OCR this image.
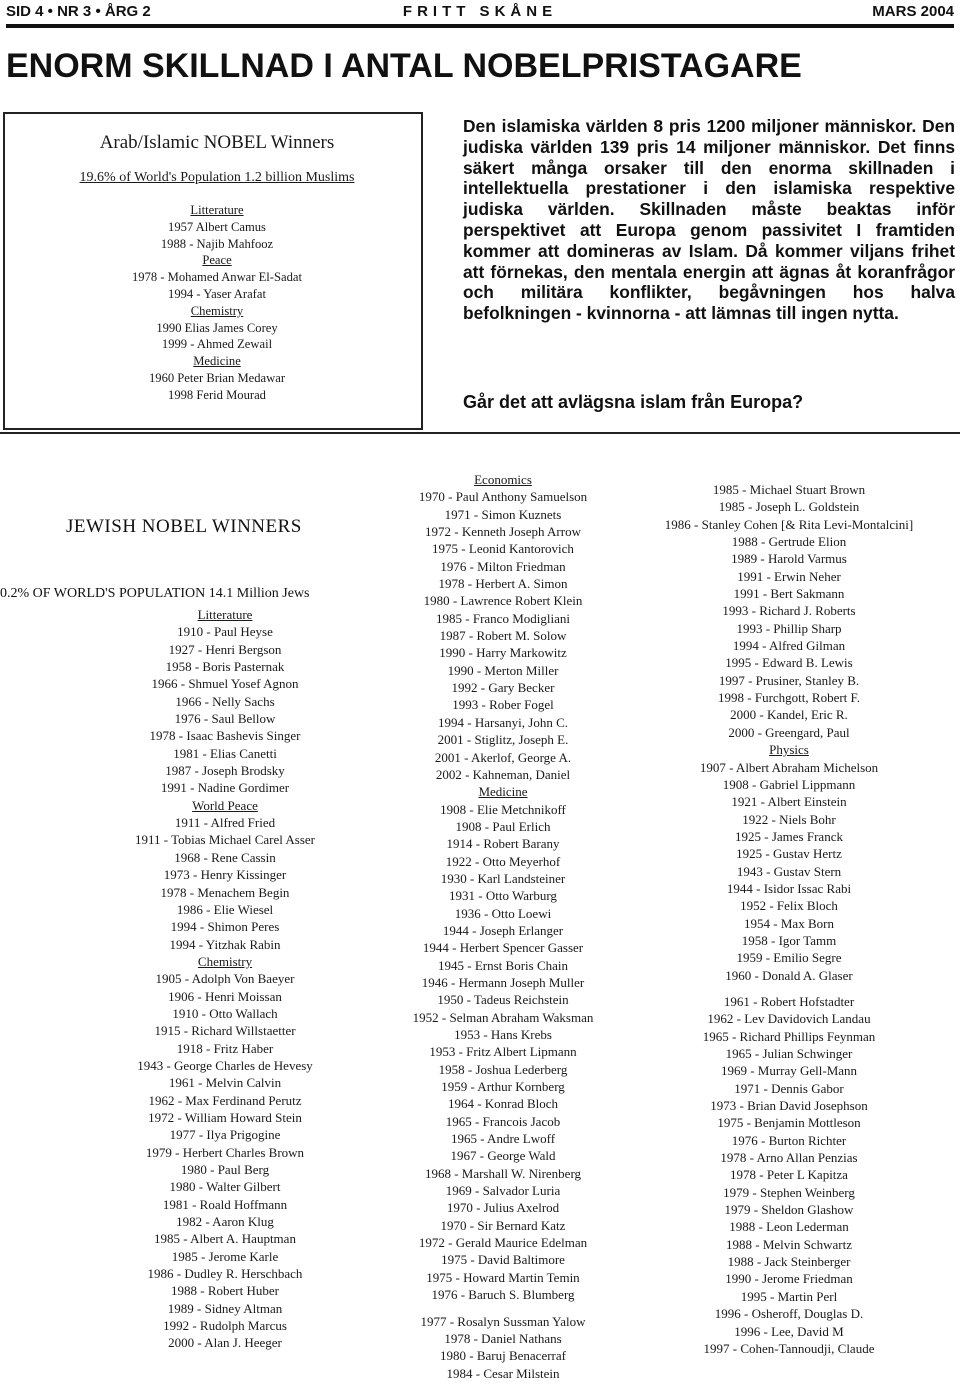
SID 4 • NR 3 • ÅRG 2	FRITT SKÅNE	MARS 2004
ENORM SKILLNAD I ANTAL NOBELPRISTAGARE
Arab/Islamic NOBEL Winners
19.6% of World's Population 1.2 billion Muslims
Litterature
1957 Albert Camus
1988 - Najib Mahfooz
Peace
1978 - Mohamed Anwar El-Sadat
1994 - Yaser Arafat
Chemistry
1990 Elias James Corey
1999 - Ahmed Zewail
Medicine
1960 Peter Brian Medawar
1998 Ferid Mourad

Den islamiska världen 8 pris 1200 miljoner människor. Den judiska världen 139 pris 14 miljoner människor. Det finns säkert många orsaker till den enorma skillnaden i intellektuella prestationer i den islamiska respektive judiska världen. Skillnaden måste beaktas inför perspektivet att Europa genom passivitet I framtiden kommer att domineras av Islam. Då kommer viljans frihet att förnekas, den mentala energin att ägnas åt koranfrågor och militära konflikter, begåvningen hos halva befolkningen - kvinnorna - att lämnas till ingen nytta.

Går det att avlägsna islam från Europa?
JEWISH NOBEL WINNERS
0.2% OF WORLD'S POPULATION 14.1 Million Jews
Litterature
1910 - Paul Heyse
1927 - Henri Bergson
1958 - Boris Pasternak
1966 - Shmuel Yosef Agnon
1966 - Nelly Sachs
1976 - Saul Bellow
1978 - Isaac Bashevis Singer
1981 - Elias Canetti
1987 - Joseph Brodsky
1991 - Nadine Gordimer
World Peace
1911 - Alfred Fried
1911 - Tobias Michael Carel Asser
1968 - Rene Cassin
1973 - Henry Kissinger
1978 - Menachem Begin
1986 - Elie Wiesel
1994 - Shimon Peres
1994 - Yitzhak Rabin
Chemistry
1905 - Adolph Von Baeyer
1906 - Henri Moissan
1910 - Otto Wallach
1915 - Richard Willstaetter
1918 - Fritz Haber
1943 - George Charles de Hevesy
1961 - Melvin Calvin
1962 - Max Ferdinand Perutz
1972 - William Howard Stein
1977 - Ilya Prigogine
1979 - Herbert Charles Brown
1980 - Paul Berg
1980 - Walter Gilbert
1981 - Roald Hoffmann
1982 - Aaron Klug
1985 - Albert A. Hauptman
1985 - Jerome Karle
1986 - Dudley R. Herschbach
1988 - Robert Huber
1989 - Sidney Altman
1992 - Rudolph Marcus
2000 - Alan J. Heeger
Economics
1970 - Paul Anthony Samuelson
1971 - Simon Kuznets
1972 - Kenneth Joseph Arrow
1975 - Leonid Kantorovich
1976 - Milton Friedman
1978 - Herbert A. Simon
1980 - Lawrence Robert Klein
1985 - Franco Modigliani
1987 - Robert M. Solow
1990 - Harry Markowitz
1990 - Merton Miller
1992 - Gary Becker
1993 - Rober Fogel
1994 - Harsanyi, John C.
2001 - Stiglitz, Joseph E.
2001 - Akerlof, George A.
2002 - Kahneman, Daniel
Medicine
1908 - Elie Metchnikoff
1908 - Paul Erlich
1914 - Robert Barany
1922 - Otto Meyerhof
1930 - Karl Landsteiner
1931 - Otto Warburg
1936 - Otto Loewi
1944 - Joseph Erlanger
1944 - Herbert Spencer Gasser
1945 - Ernst Boris Chain
1946 - Hermann Joseph Muller
1950 - Tadeus Reichstein
1952 - Selman Abraham Waksman
1953 - Hans Krebs
1953 - Fritz Albert Lipmann
1958 - Joshua Lederberg
1959 - Arthur Kornberg
1964 - Konrad Bloch
1965 - Francois Jacob
1965 - Andre Lwoff
1967 - George Wald
1968 - Marshall W. Nirenberg
1969 - Salvador Luria
1970 - Julius Axelrod
1970 - Sir Bernard Katz
1972 - Gerald Maurice Edelman
1975 - David Baltimore
1975 - Howard Martin Temin
1976 - Baruch S. Blumberg
1977 - Rosalyn Sussman Yalow
1978 - Daniel Nathans
1980 - Baruj Benacerraf
1984 - Cesar Milstein
1985 - Michael Stuart Brown
1985 - Joseph L. Goldstein
1986 - Stanley Cohen [& Rita Levi-Montalcini]
1988 - Gertrude Elion
1989 - Harold Varmus
1991 - Erwin Neher
1991 - Bert Sakmann
1993 - Richard J. Roberts
1993 - Phillip Sharp
1994 - Alfred Gilman
1995 - Edward B. Lewis
1997 - Prusiner, Stanley B.
1998 - Furchgott, Robert F.
2000 - Kandel, Eric R.
2000 - Greengard, Paul
Physics
1907 - Albert Abraham Michelson
1908 - Gabriel Lippmann
1921 - Albert Einstein
1922 - Niels Bohr
1925 - James Franck
1925 - Gustav Hertz
1943 - Gustav Stern
1944 - Isidor Issac Rabi
1952 - Felix Bloch
1954 - Max Born
1958 - Igor Tamm
1959 - Emilio Segre
1960 - Donald A. Glaser
1961 - Robert Hofstadter
1962 - Lev Davidovich Landau
1965 - Richard Phillips Feynman
1965 - Julian Schwinger
1969 - Murray Gell-Mann
1971 - Dennis Gabor
1973 - Brian David Josephson
1975 - Benjamin Mottleson
1976 - Burton Richter
1978 - Arno Allan Penzias
1978 - Peter L Kapitza
1979 - Stephen Weinberg
1979 - Sheldon Glashow
1988 - Leon Lederman
1988 - Melvin Schwartz
1988 - Jack Steinberger
1990 - Jerome Friedman
1995 - Martin Perl
1996 - Osheroff, Douglas D.
1996 - Lee, David M
1997 - Cohen-Tannoudji, Claude
